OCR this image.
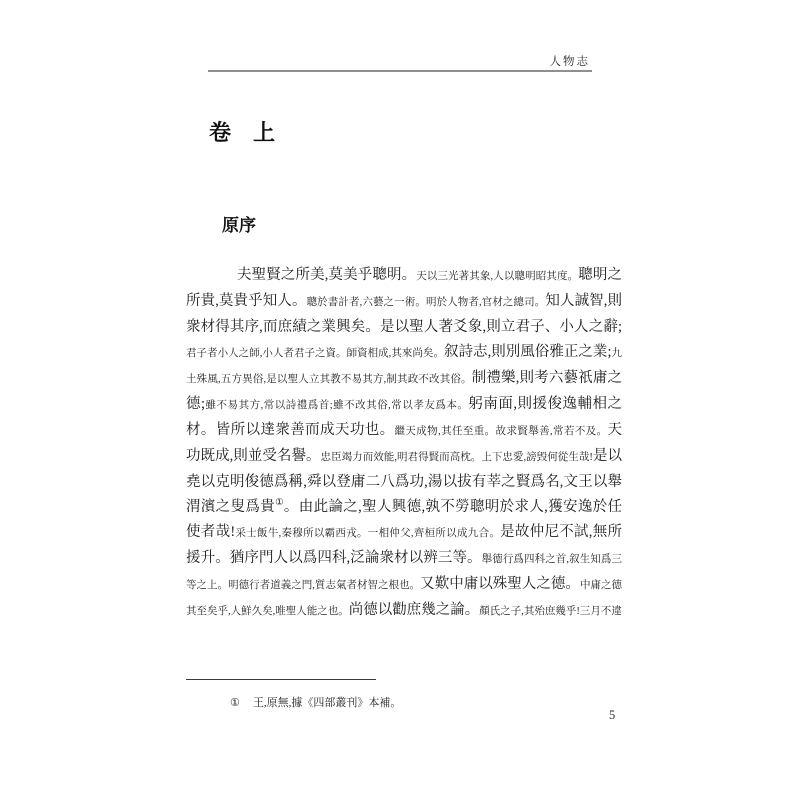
人物志
卷　上
原序

夫聖賢之所美,莫美乎聰明。天以三光著其象,人以聰明昭其度。聰明之所貴,莫貴乎知人。聰於書計者,六藝之一術。明於人物者,官材之總司。知人誠智,則衆材得其序,而庶績之業興矣。是以聖人著爻象,則立君子、小人之辭;君子者小人之師,小人者君子之資。師資相成,其來尚矣。叙詩志,則別風俗雅正之業;九土殊風,五方異俗,是以聖人立其教不易其方,制其政不改其俗。制禮樂,則考六藝祇庸之德;雖不易其方,常以詩禮爲首;雖不改其俗,常以孝友爲本。躬南面,則援俊逸輔相之材。皆所以達衆善而成天功也。繼天成物,其任至重。故求賢舉善,常若不及。天功既成,則並受名譽。忠臣竭力而效能,明君得賢而高枕。上下忠愛,謗毁何從生哉!是以堯以克明俊德爲稱,舜以登庸二八爲功,湯以拔有莘之賢爲名,文王以舉渭濱之叟爲貴①。由此論之,聖人興德,孰不勞聰明於求人,獲安逸於任使者哉!采士飯牛,秦穆所以霸西戎。一相仲父,齊桓所以成九合。是故仲尼不試,無所援升。猶序門人以爲四科,泛論衆材以辨三等。舉德行爲四科之首,叙生知爲三等之上。明德行者道義之門,質志氣者材智之根也。又歎中庸以殊聖人之德。中庸之德其至矣乎,人鮮久矣,唯聖人能之也。尚德以勸庶幾之論。顏氏之子,其殆庶幾乎!三月不違

① 王,原無,據《四部叢刊》本補。
5
